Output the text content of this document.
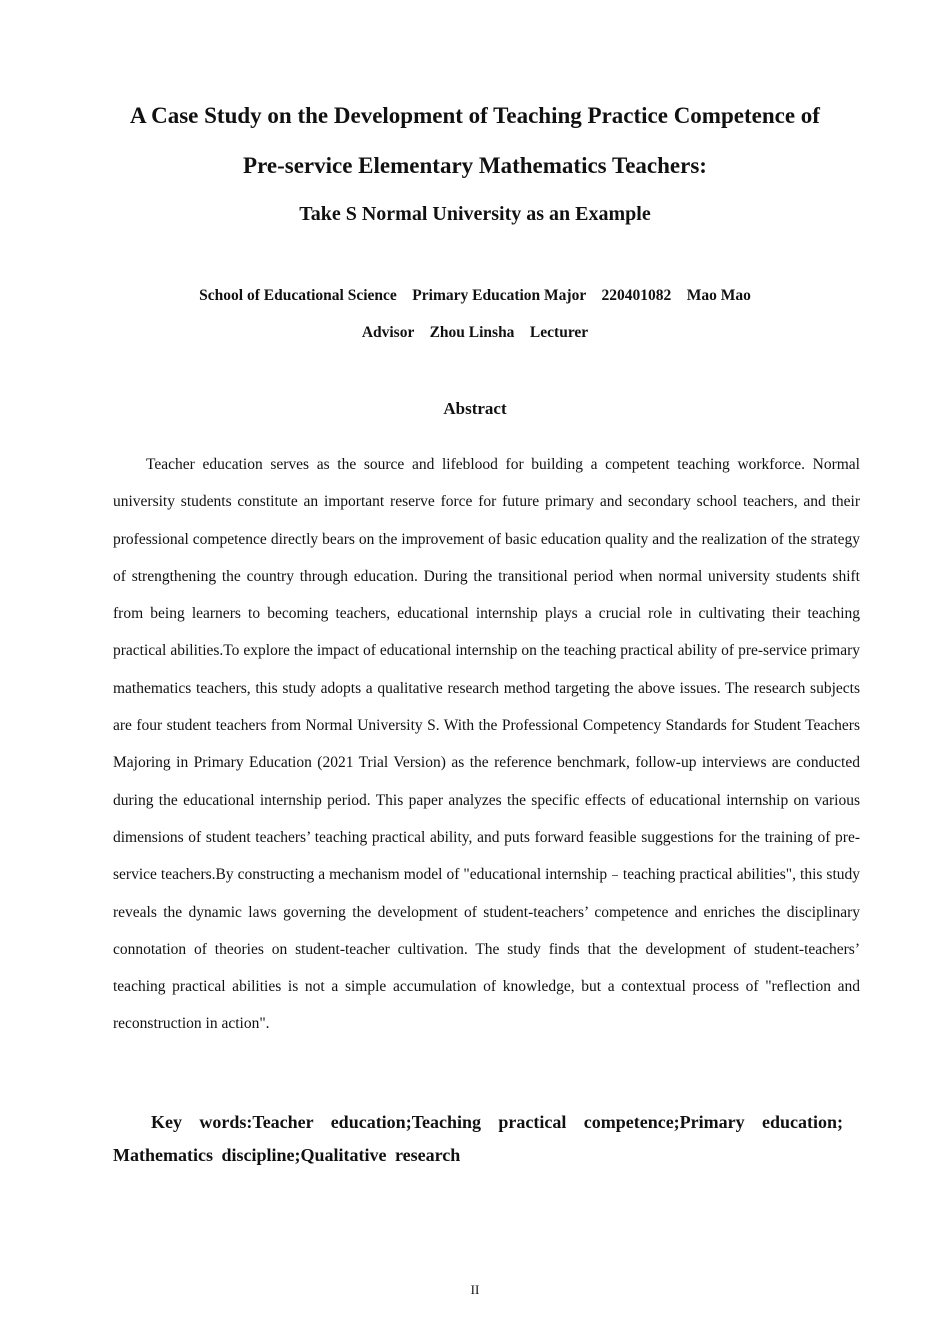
A Case Study on the Development of Teaching Practice Competence of
Pre-service Elementary Mathematics Teachers:
Take S Normal University as an Example
School of Educational Science    Primary Education Major    220401082    Mao Mao
Advisor    Zhou Linsha    Lecturer
Abstract

Teacher education serves as the source and lifeblood for building a competent teaching workforce. Normal university students constitute an important reserve force for future primary and secondary school teachers, and their professional competence directly bears on the improvement of basic education quality and the realization of the strategy of strengthening the country through education. During the transitional period when normal university students shift from being learners to becoming teachers, educational internship plays a crucial role in cultivating their teaching practical abilities.To explore the impact of educational internship on the teaching practical ability of pre-service primary mathematics teachers, this study adopts a qualitative research method targeting the above issues. The research subjects are four student teachers from Normal University S. With the Professional Competency Standards for Student Teachers Majoring in Primary Education (2021 Trial Version) as the reference benchmark, follow-up interviews are conducted during the educational internship period. This paper analyzes the specific effects of educational internship on various dimensions of student teachers’ teaching practical ability, and puts forward feasible suggestions for the training of pre-service teachers.By constructing a mechanism model of "educational internship﹣teaching practical abilities", this study reveals the dynamic laws governing the development of student-teachers’ competence and enriches the disciplinary connotation of theories on student-teacher cultivation. The study finds that the development of student-teachers’ teaching practical abilities is not a simple accumulation of knowledge, but a contextual process of "reflection and reconstruction in action".

Key words:Teacher education;Teaching practical competence;Primary education; Mathematics discipline;Qualitative research

II
